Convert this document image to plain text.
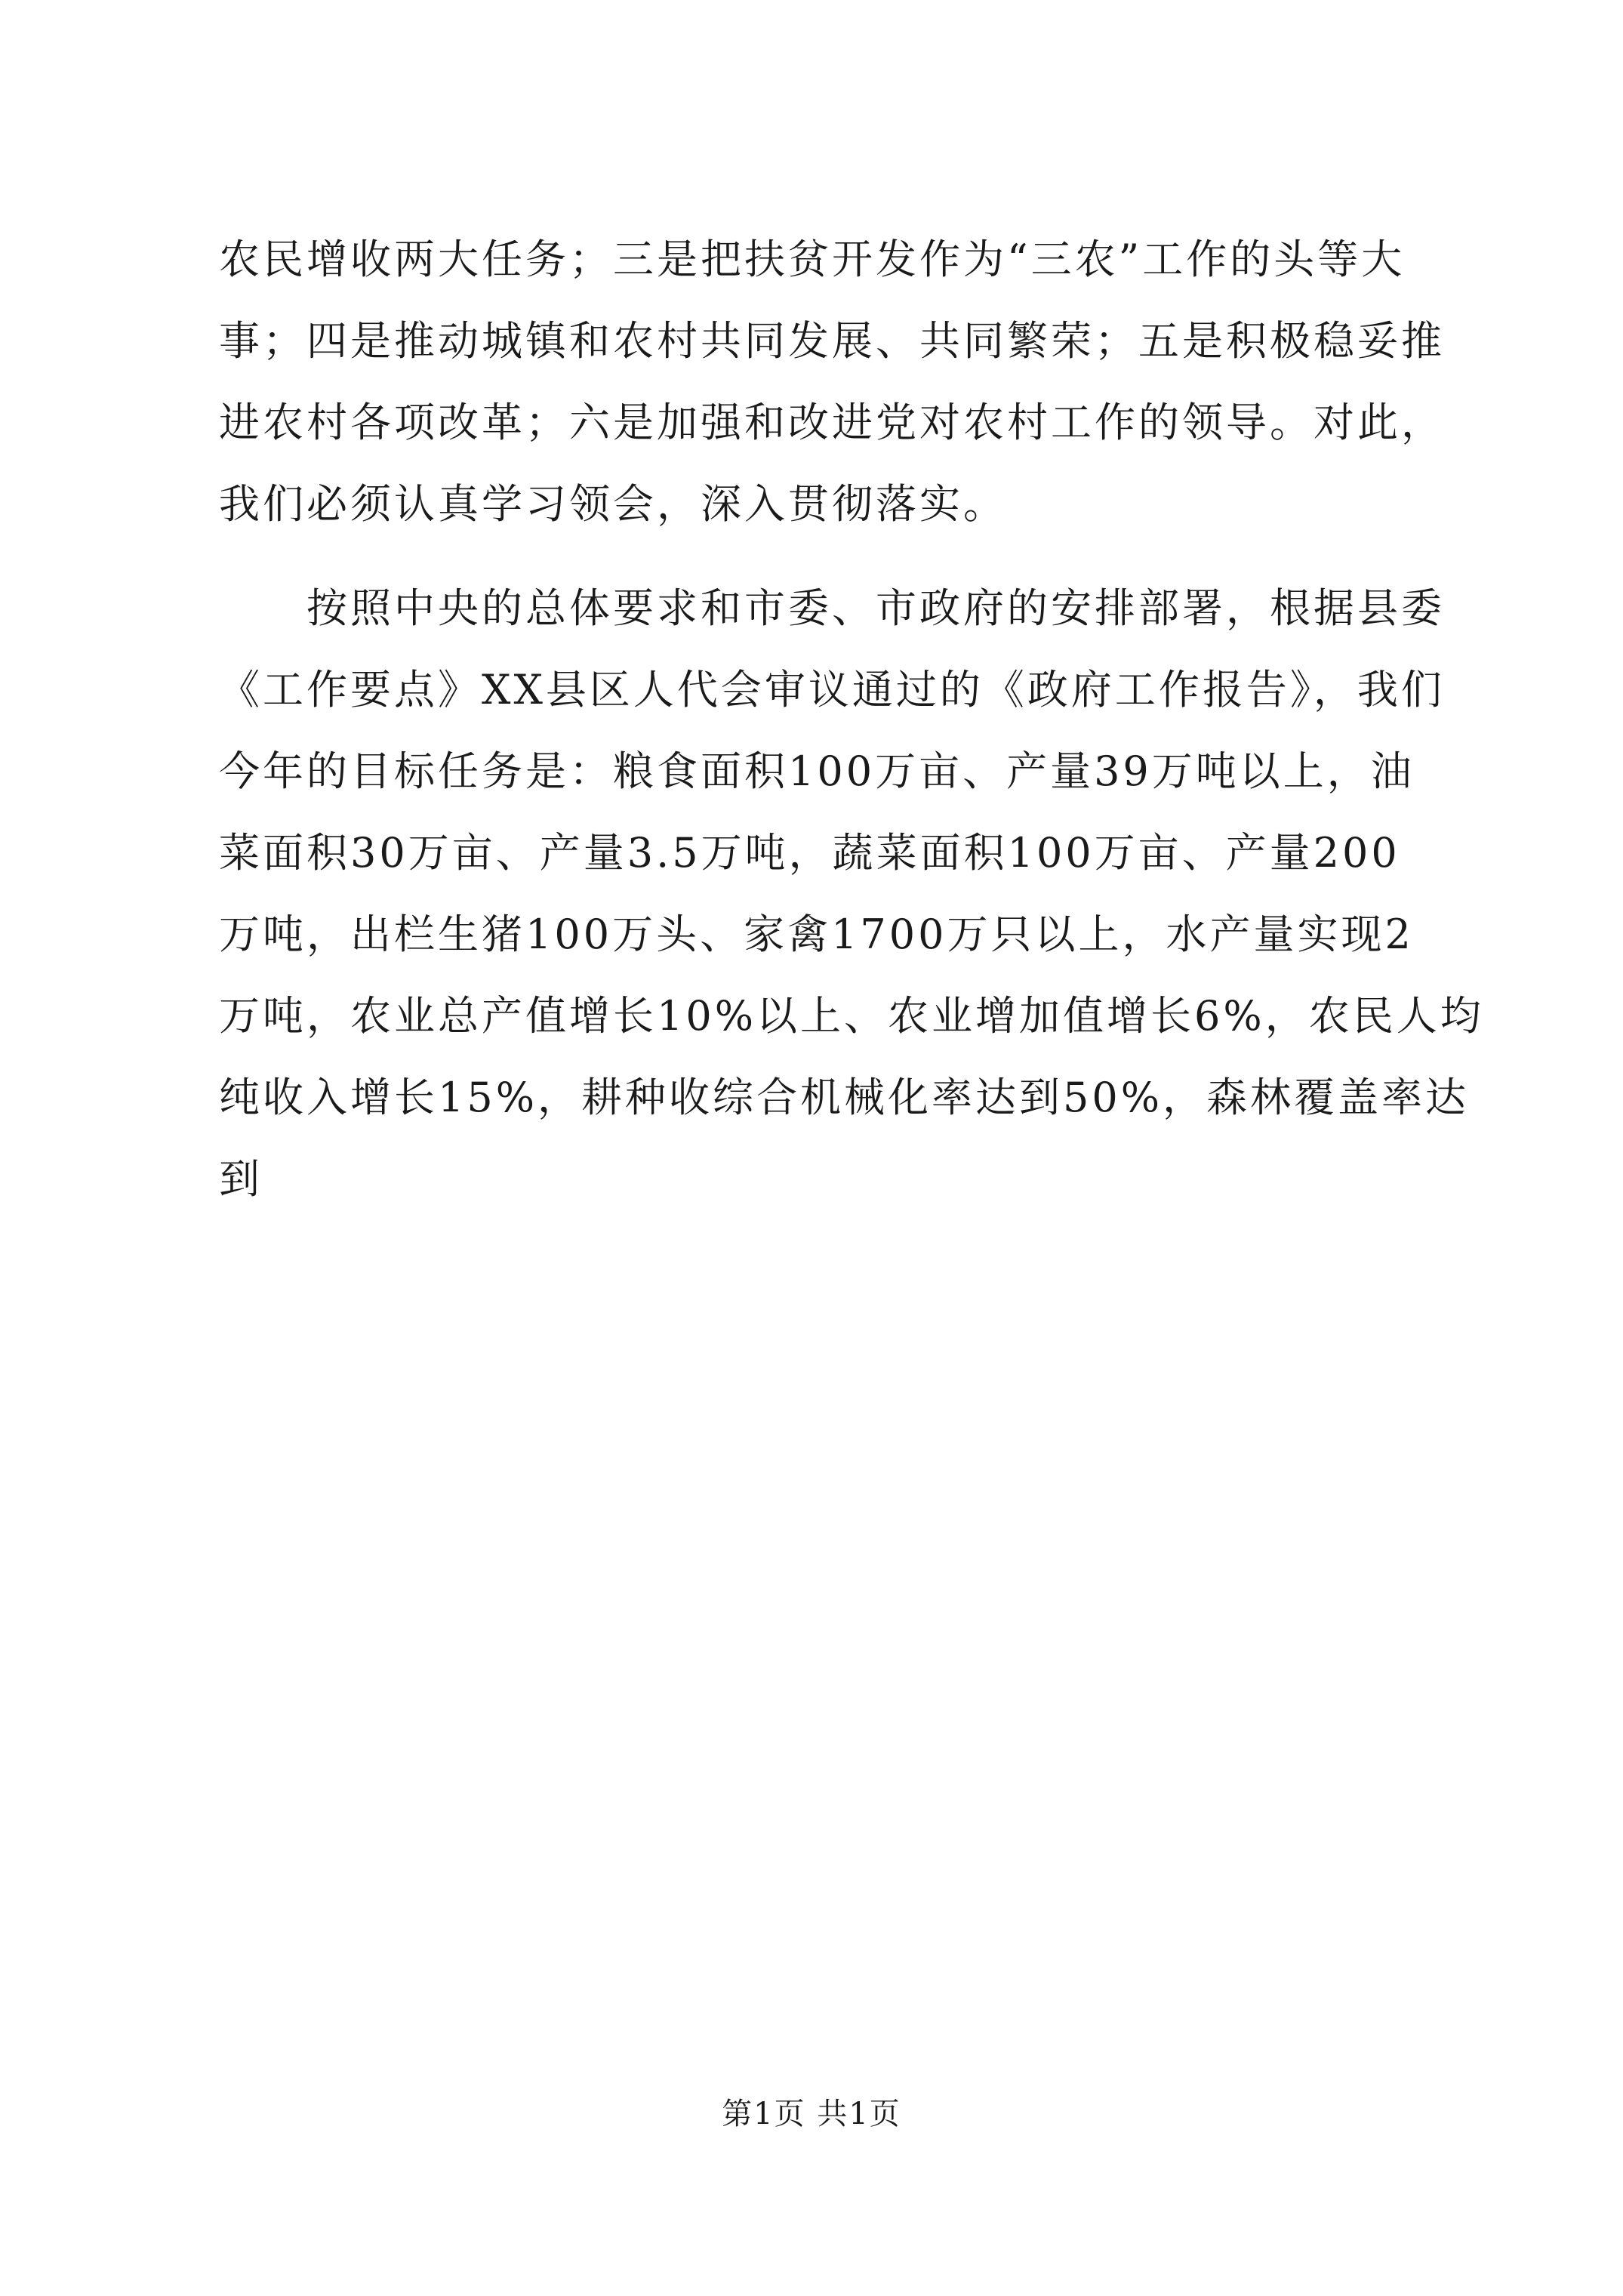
农民增收两大任务；三是把扶贫开发作为“三农”工作的头等大
事；四是推动城镇和农村共同发展、共同繁荣；五是积极稳妥推
进农村各项改革；六是加强和改进党对农村工作的领导。对此，
我们必须认真学习领会，深入贯彻落实。
　　按照中央的总体要求和市委、市政府的安排部署，根据县委
《工作要点》XX县区人代会审议通过的《政府工作报告》，我们
今年的目标任务是：粮食面积100万亩、产量39万吨以上，油
菜面积30万亩、产量3.5万吨，蔬菜面积100万亩、产量200
万吨，出栏生猪100万头、家禽1700万只以上，水产量实现2
万吨，农业总产值增长10%以上、农业增加值增长6%，农民人均
纯收入增长15%，耕种收综合机械化率达到50%，森林覆盖率达
到
第1页 共1页
